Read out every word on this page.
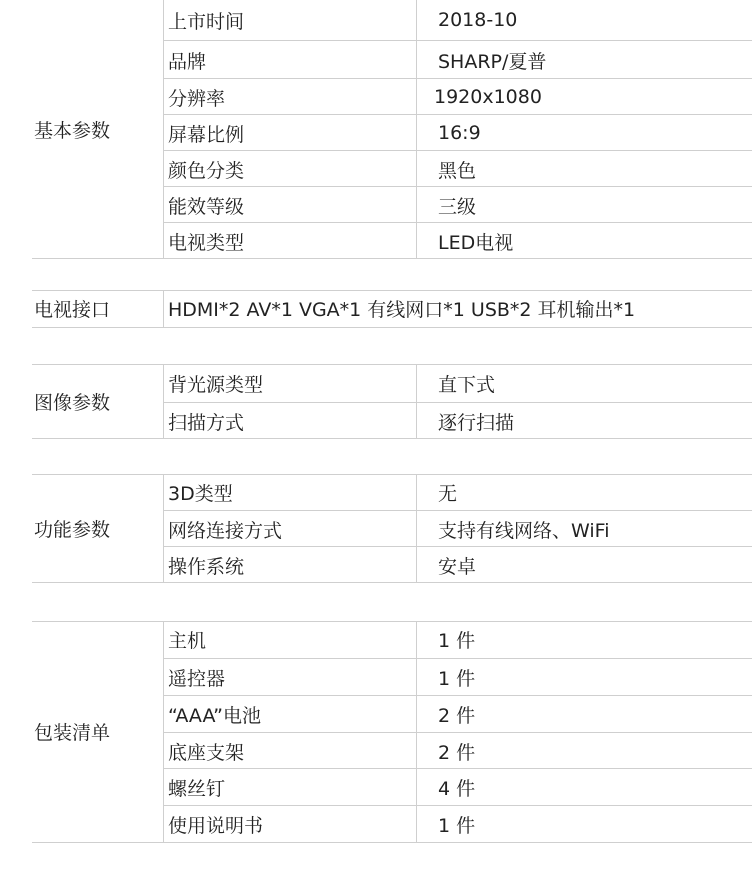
基本参数
上市时间	2018-10
品牌	SHARP/夏普
分辨率	1920x1080
屏幕比例	16:9
颜色分类	黑色
能效等级	三级
电视类型	LED电视
电视接口	HDMI*2 AV*1 VGA*1 有线网口*1 USB*2 耳机输出*1
图像参数
背光源类型	直下式
扫描方式	逐行扫描
功能参数
3D类型	无
网络连接方式	支持有线网络、WiFi
操作系统	安卓
包装清单
主机	1 件
遥控器	1 件
“AAA”电池	2 件
底座支架	2 件
螺丝钉	4 件
使用说明书	1 件
